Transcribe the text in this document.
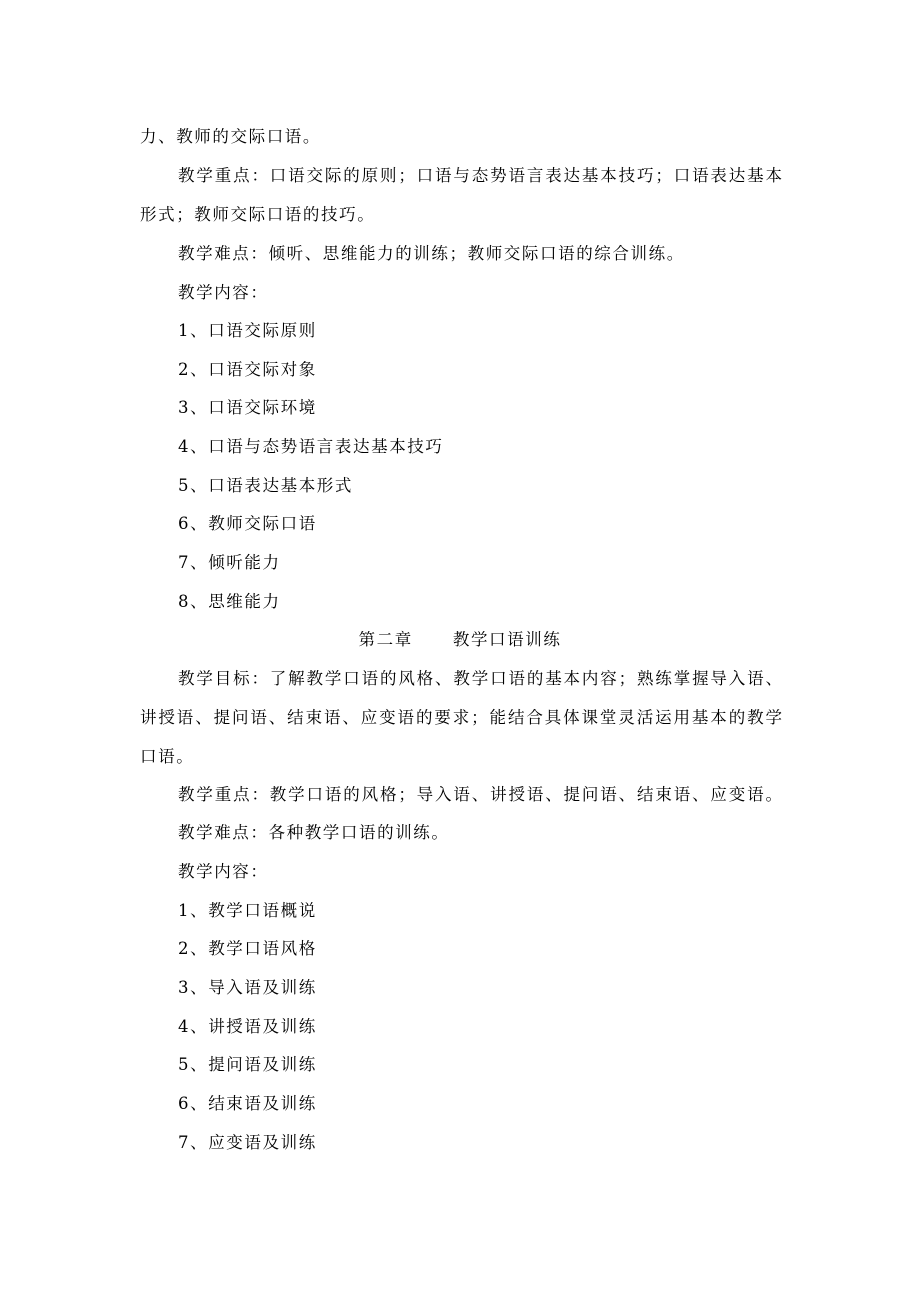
力、教师的交际口语。
教学重点：口语交际的原则；口语与态势语言表达基本技巧；口语表达基本
形式；教师交际口语的技巧。
教学难点：倾听、思维能力的训练；教师交际口语的综合训练。
教学内容：
1、口语交际原则
2、口语交际对象
3、口语交际环境
4、口语与态势语言表达基本技巧
5、口语表达基本形式
6、教师交际口语
7、倾听能力
8、思维能力
第二章 教学口语训练
教学目标：了解教学口语的风格、教学口语的基本内容；熟练掌握导入语、
讲授语、提问语、结束语、应变语的要求；能结合具体课堂灵活运用基本的教学
口语。
教学重点：教学口语的风格；导入语、讲授语、提问语、结束语、应变语。
教学难点：各种教学口语的训练。
教学内容：
1、教学口语概说
2、教学口语风格
3、导入语及训练
4、讲授语及训练
5、提问语及训练
6、结束语及训练
7、应变语及训练
